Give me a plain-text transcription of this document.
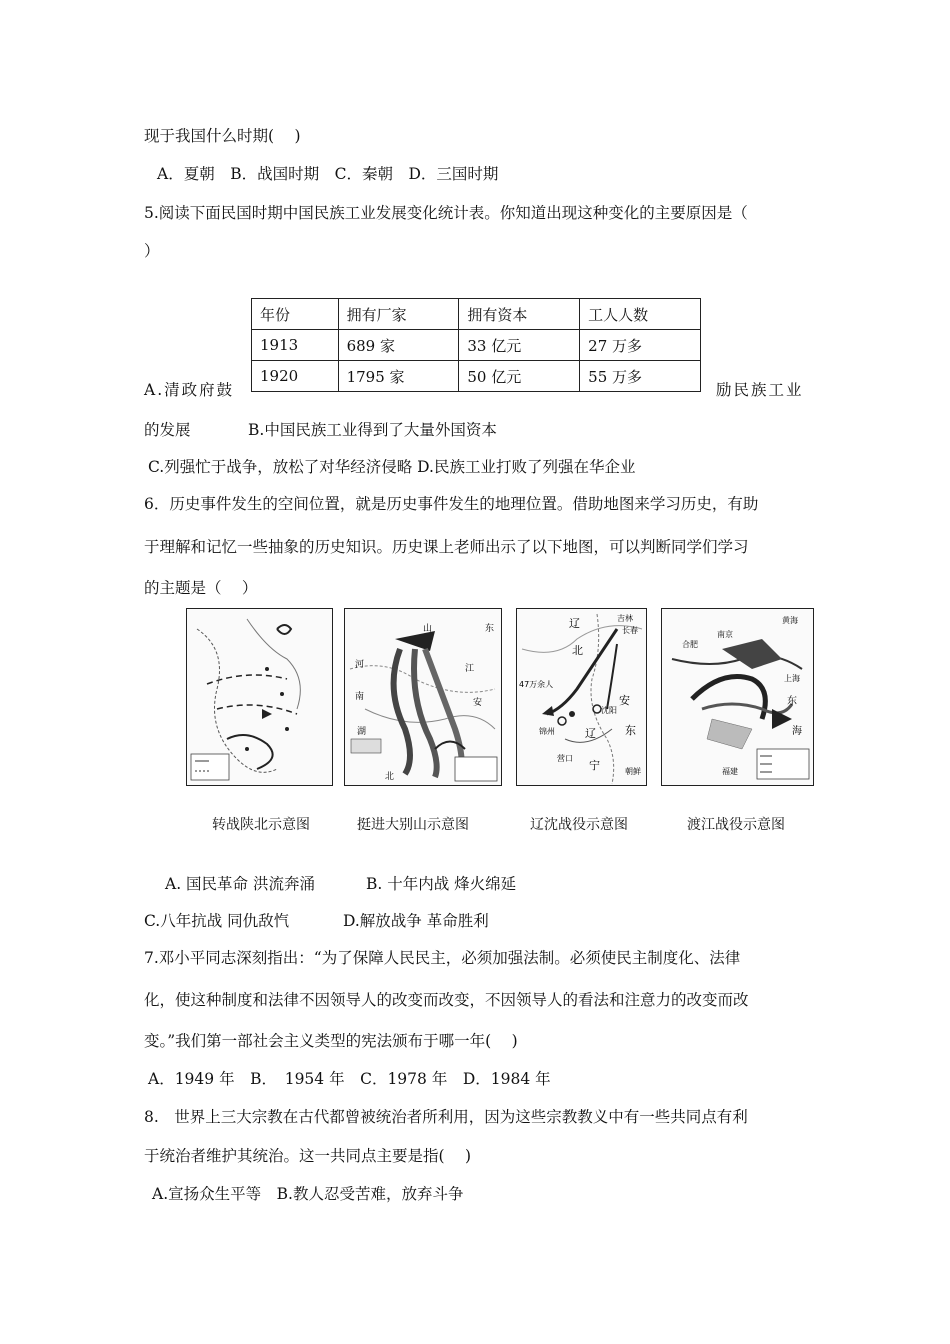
现于我国什么时期(　 )
A．夏朝　B．战国时期　C．秦朝　D．三国时期
5.阅读下面民国时期中国民族工业发展变化统计表。你知道出现这种变化的主要原因是（
）
年份	拥有厂家	拥有资本	工人人数
1913	689 家	33 亿元	27 万多
1920	1795 家	50 亿元	55 万多
A.清政府鼓	励民族工业
的发展	B.中国民族工业得到了大量外国资本
C.列强忙于战争，放松了对华经济侵略 D.民族工业打败了列强在华企业
6．历史事件发生的空间位置，就是历史事件发生的地理位置。借助地图来学习历史，有助
于理解和记忆一些抽象的历史知识。历史课上老师出示了以下地图，可以判断同学们学习
的主题是（　 ）
山	东
河	江
安
南
湖
北
吉林
长春
辽
北
安
东
辽
宁
47万余人
沈阳
营口
锦州
朝鲜
南京
合肥
上海
东
海
福建
黄海
转战陕北示意图	挺进大别山示意图	辽沈战役示意图	渡江战役示意图
A. 国民革命 洪流奔涌	B. 十年内战 烽火绵延
C.八年抗战 同仇敌忾	D.解放战争 革命胜利
7.邓小平同志深刻指出：“为了保障人民民主，必须加强法制。必须使民主制度化、法律
化，使这种制度和法律不因领导人的改变而改变，不因领导人的看法和注意力的改变而改
变。”我们第一部社会主义类型的宪法颁布于哪一年(　 )
A．1949 年　B．　1954 年　C．1978 年　D．1984 年
8.　世界上三大宗教在古代都曾被统治者所利用，因为这些宗教教义中有一些共同点有利
于统治者维护其统治。这一共同点主要是指(　 )
A.宣扬众生平等　B.教人忍受苦难，放弃斗争
